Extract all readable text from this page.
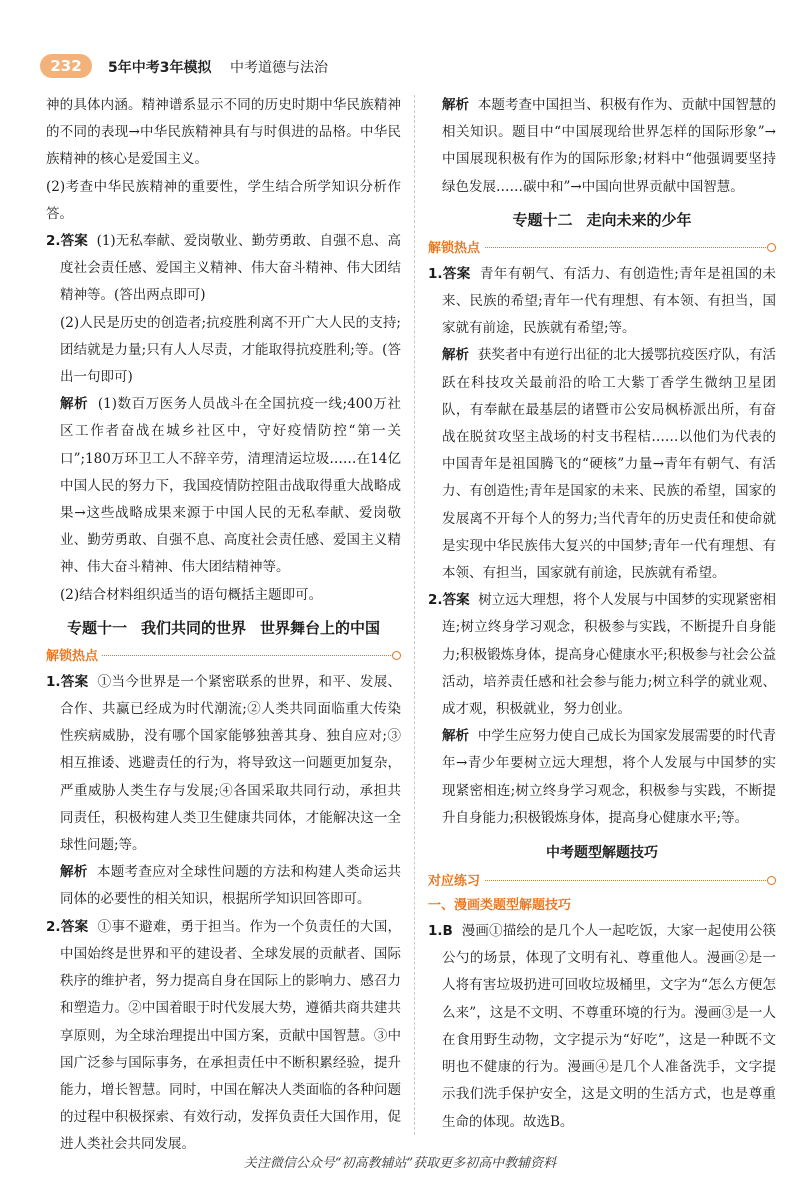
232	5年中考3年模拟 中考道德与法治

神的具体内涵。精神谱系显示不同的历史时期中华民族精神的不同的表现→中华民族精神具有与时俱进的品格。中华民族精神的核心是爱国主义。

(2)考查中华民族精神的重要性，学生结合所学知识分析作答。

2.答案 (1)无私奉献、爱岗敬业、勤劳勇敢、自强不息、高度社会责任感、爱国主义精神、伟大奋斗精神、伟大团结精神等。(答出两点即可)

(2)人民是历史的创造者;抗疫胜利离不开广大人民的支持;团结就是力量;只有人人尽责，才能取得抗疫胜利;等。(答出一句即可)

解析 (1)数百万医务人员战斗在全国抗疫一线;400万社区工作者奋战在城乡社区中，守好疫情防控“第一关口”;180万环卫工人不辞辛劳，清理清运垃圾……在14亿中国人民的努力下，我国疫情防控阻击战取得重大战略成果→这些战略成果来源于中国人民的无私奉献、爱岗敬业、勤劳勇敢、自强不息、高度社会责任感、爱国主义精神、伟大奋斗精神、伟大团结精神等。

(2)结合材料组织适当的语句概括主题即可。

专题十一 我们共同的世界 世界舞台上的中国
解锁热点

1.答案 ①当今世界是一个紧密联系的世界，和平、发展、合作、共赢已经成为时代潮流;②人类共同面临重大传染性疾病威胁，没有哪个国家能够独善其身、独自应对;③相互推诿、逃避责任的行为，将导致这一问题更加复杂，严重威胁人类生存与发展;④各国采取共同行动，承担共同责任，积极构建人类卫生健康共同体，才能解决这一全球性问题;等。

解析 本题考查应对全球性问题的方法和构建人类命运共同体的必要性的相关知识，根据所学知识回答即可。

2.答案 ①事不避难，勇于担当。作为一个负责任的大国，中国始终是世界和平的建设者、全球发展的贡献者、国际秩序的维护者，努力提高自身在国际上的影响力、感召力和塑造力。②中国着眼于时代发展大势，遵循共商共建共享原则，为全球治理提出中国方案，贡献中国智慧。③中国广泛参与国际事务，在承担责任中不断积累经验，提升能力，增长智慧。同时，中国在解决人类面临的各种问题的过程中积极探索、有效行动，发挥负责任大国作用，促进人类社会共同发展。

解析 本题考查中国担当、积极有作为、贡献中国智慧的相关知识。题目中“中国展现给世界怎样的国际形象”→中国展现积极有作为的国际形象;材料中“他强调要坚持绿色发展……碳中和”→中国向世界贡献中国智慧。

专题十二 走向未来的少年
解锁热点

1.答案 青年有朝气、有活力、有创造性;青年是祖国的未来、民族的希望;青年一代有理想、有本领、有担当，国家就有前途，民族就有希望;等。

解析 获奖者中有逆行出征的北大援鄂抗疫医疗队，有活跃在科技攻关最前沿的哈工大紫丁香学生微纳卫星团队，有奉献在最基层的诸暨市公安局枫桥派出所，有奋战在脱贫攻坚主战场的村支书程桔……以他们为代表的中国青年是祖国腾飞的“硬核”力量→青年有朝气、有活力、有创造性;青年是国家的未来、民族的希望，国家的发展离不开每个人的努力;当代青年的历史责任和使命就是实现中华民族伟大复兴的中国梦;青年一代有理想、有本领、有担当，国家就有前途，民族就有希望。

2.答案 树立远大理想，将个人发展与中国梦的实现紧密相连;树立终身学习观念，积极参与实践，不断提升自身能力;积极锻炼身体，提高身心健康水平;积极参与社会公益活动，培养责任感和社会参与能力;树立科学的就业观、成才观，积极就业，努力创业。

解析 中学生应努力使自己成长为国家发展需要的时代青年→青少年要树立远大理想，将个人发展与中国梦的实现紧密相连;树立终身学习观念，积极参与实践，不断提升自身能力;积极锻炼身体，提高身心健康水平;等。

中考题型解题技巧
对应练习
一、漫画类题型解题技巧

1.B 漫画①描绘的是几个人一起吃饭，大家一起使用公筷公勺的场景，体现了文明有礼、尊重他人。漫画②是一人将有害垃圾扔进可回收垃圾桶里，文字为“怎么方便怎么来”，这是不文明、不尊重环境的行为。漫画③是一人在食用野生动物，文字提示为“好吃”，这是一种既不文明也不健康的行为。漫画④是几个人准备洗手，文字提示我们洗手保护安全，这是文明的生活方式，也是尊重生命的体现。故选B。

关注微信公众号“初高教辅站”获取更多初高中教辅资料
